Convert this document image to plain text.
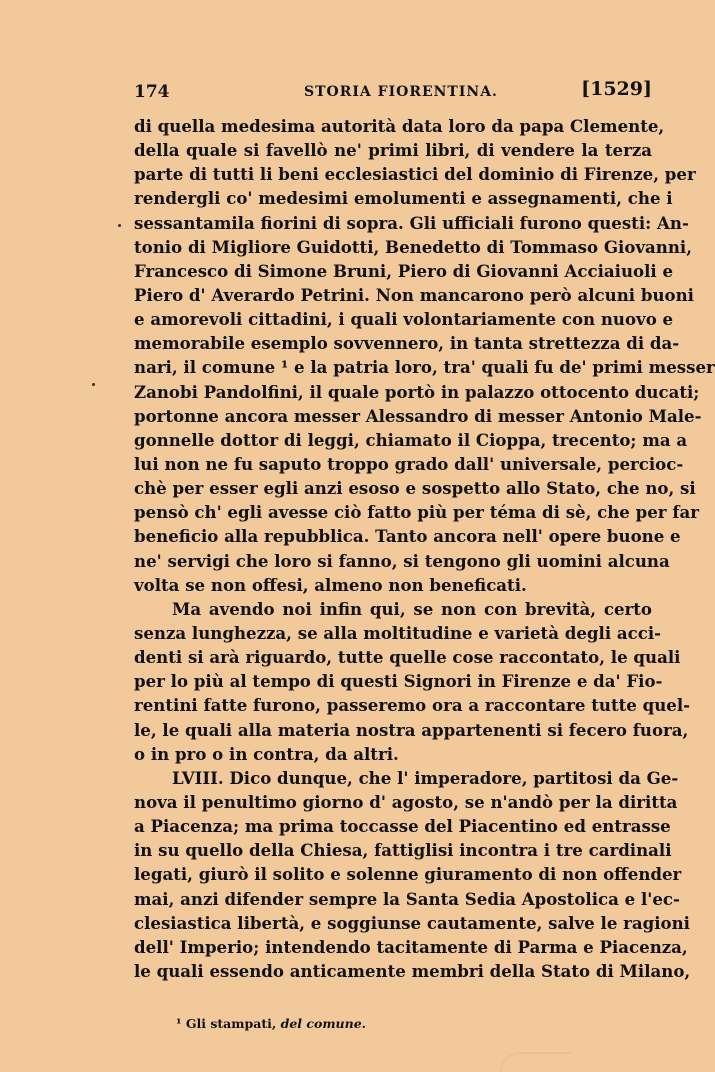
174	STORIA FIORENTINA.	[1529]
di quella medesima autorità data loro da papa Clemente,
della quale si favellò ne' primi libri, di vendere la terza
parte di tutti li beni ecclesiastici del dominio di Firenze, per
rendergli co' medesimi emolumenti e assegnamenti, che i
sessantamila fiorini di sopra. Gli ufficiali furono questi: An-
tonio di Migliore Guidotti, Benedetto di Tommaso Giovanni,
Francesco di Simone Bruni, Piero di Giovanni Acciaiuoli e
Piero d' Averardo Petrini. Non mancarono però alcuni buoni
e amorevoli cittadini, i quali volontariamente con nuovo e
memorabile esemplo sovvennero, in tanta strettezza di da-
nari, il comune ¹ e la patria loro, tra' quali fu de' primi messer
Zanobi Pandolfini, il quale portò in palazzo ottocento ducati;
portonne ancora messer Alessandro di messer Antonio Male-
gonnelle dottor di leggi, chiamato il Cioppa, trecento; ma a
lui non ne fu saputo troppo grado dall' universale, percioc-
chè per esser egli anzi esoso e sospetto allo Stato, che no, si
pensò ch' egli avesse ciò fatto più per téma di sè, che per far
beneficio alla repubblica. Tanto ancora nell' opere buone e
ne' servigi che loro si fanno, si tengono gli uomini alcuna
volta se non offesi, almeno non beneficati.
Ma avendo noi infin qui, se non con brevità, certo
senza lunghezza, se alla moltitudine e varietà degli acci-
denti si arà riguardo, tutte quelle cose raccontato, le quali
per lo più al tempo di questi Signori in Firenze e da' Fio-
rentini fatte furono, passeremo ora a raccontare tutte quel-
le, le quali alla materia nostra appartenenti si fecero fuora,
o in pro o in contra, da altri.
LVIII. Dico dunque, che l' imperadore, partitosi da Ge-
nova il penultimo giorno d' agosto, se n'andò per la diritta
a Piacenza; ma prima toccasse del Piacentino ed entrasse
in su quello della Chiesa, fattiglisi incontra i tre cardinali
legati, giurò il solito e solenne giuramento di non offender
mai, anzi difender sempre la Santa Sedia Apostolica e l'ec-
clesiastica libertà, e soggiunse cautamente, salve le ragioni
dell' Imperio; intendendo tacitamente di Parma e Piacenza,
le quali essendo anticamente membri della Stato di Milano,
¹ Gli stampati, del comune.
